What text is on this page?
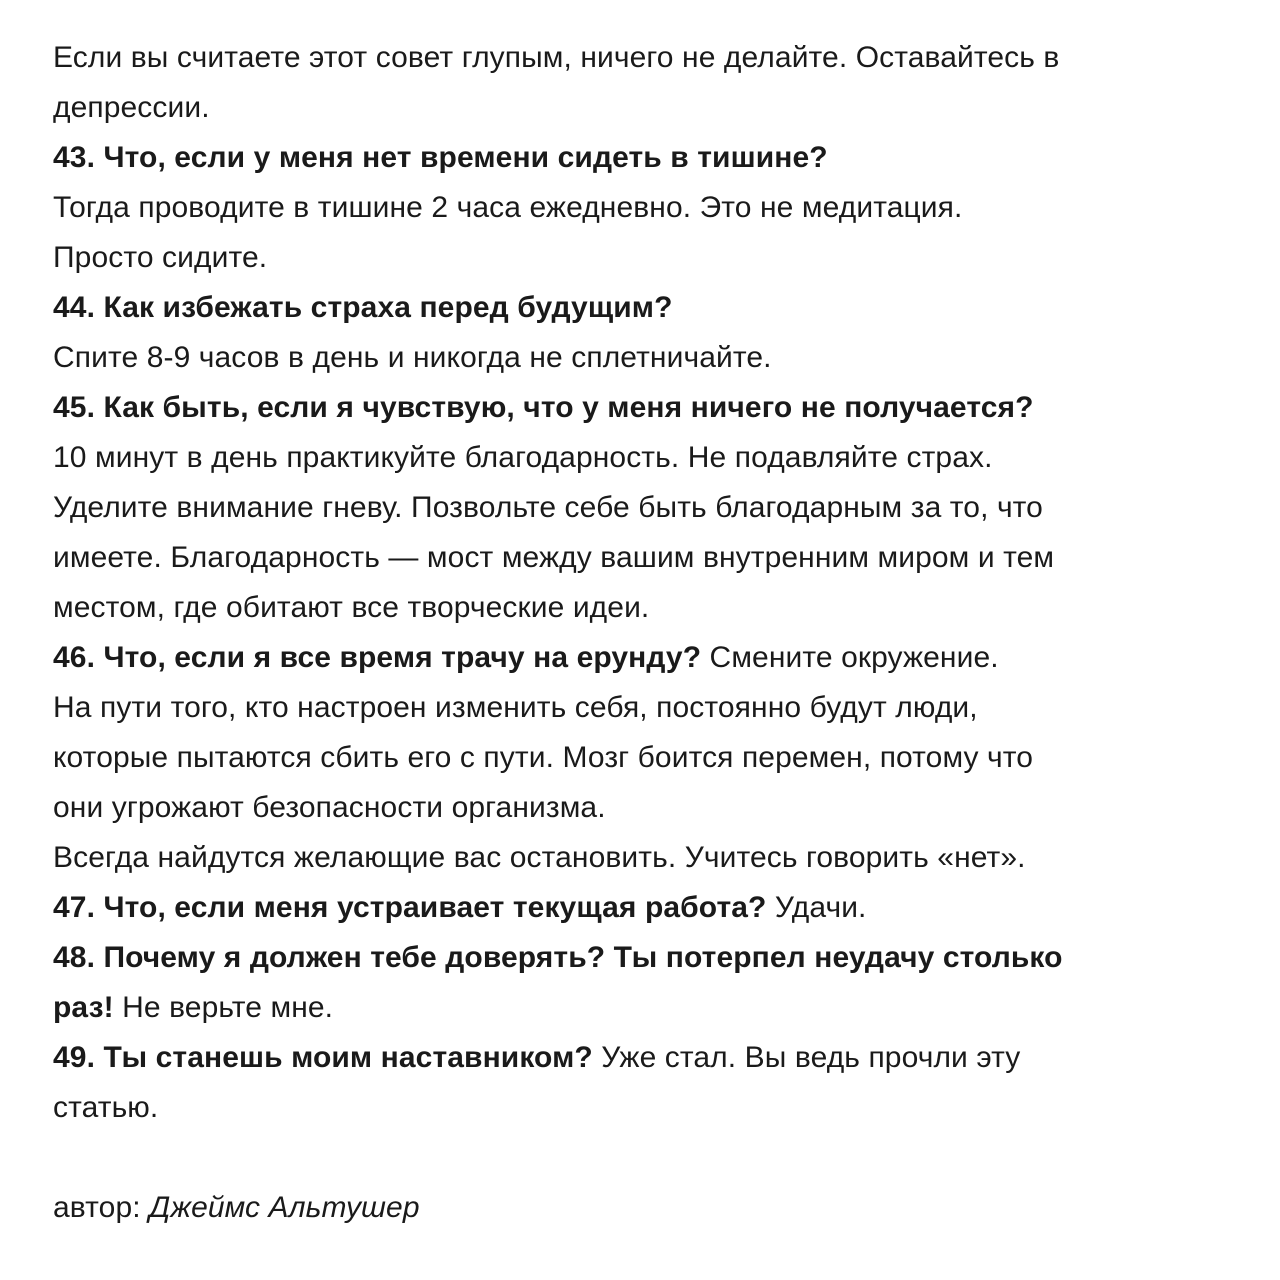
Если вы считаете этот совет глупым, ничего не делайте. Оставайтесь в
депрессии.
43. Что, если у меня нет времени сидеть в тишине?
Тогда проводите в тишине 2 часа ежедневно. Это не медитация.
Просто сидите.
44. Как избежать страха перед будущим?
Спите 8-9 часов в день и никогда не сплетничайте.
45. Как быть, если я чувствую, что у меня ничего не получается?
10 минут в день практикуйте благодарность. Не подавляйте страх.
Уделите внимание гневу. Позвольте себе быть благодарным за то, что
имеете. Благодарность — мост между вашим внутренним миром и тем
местом, где обитают все творческие идеи.
46. Что, если я все время трачу на ерунду? Смените окружение.
На пути того, кто настроен изменить себя, постоянно будут люди,
которые пытаются сбить его с пути. Мозг боится перемен, потому что
они угрожают безопасности организма.
Всегда найдутся желающие вас остановить. Учитесь говорить «нет».
47. Что, если меня устраивает текущая работа? Удачи.
48. Почему я должен тебе доверять? Ты потерпел неудачу столько
раз! Не верьте мне.
49. Ты станешь моим наставником? Уже стал. Вы ведь прочли эту
статью.
автор: Джеймс Альтушер
